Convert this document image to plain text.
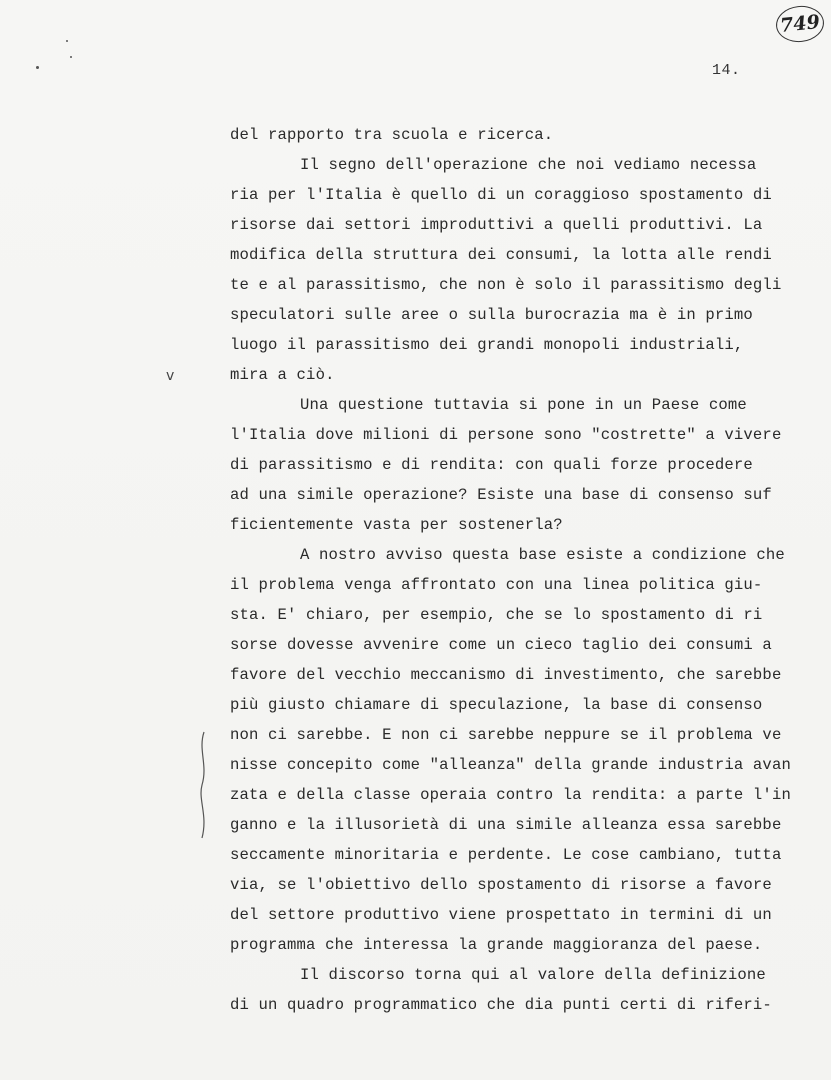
749
14.
v
del rapporto tra scuola e ricerca.
Il segno dell'operazione che noi vediamo necessa
ria per l'Italia è quello di un coraggioso spostamento di
risorse dai settori improduttivi a quelli produttivi. La
modifica della struttura dei consumi, la lotta alle rendi
te e al parassitismo, che non è solo il parassitismo degli
speculatori sulle aree o sulla burocrazia ma è in primo
luogo il parassitismo dei grandi monopoli industriali,
mira a ciò.
Una questione tuttavia si pone in un Paese come
l'Italia dove milioni di persone sono "costrette" a vivere
di parassitismo e di rendita: con quali forze procedere
ad una simile operazione? Esiste una base di consenso suf
ficientemente vasta per sostenerla?
A nostro avviso questa base esiste a condizione che
il problema venga affrontato con una linea politica giu-
sta. E' chiaro, per esempio, che se lo spostamento di ri
sorse dovesse avvenire come un cieco taglio dei consumi a
favore del vecchio meccanismo di investimento, che sarebbe
più giusto chiamare di speculazione, la base di consenso
non ci sarebbe. E non ci sarebbe neppure se il problema ve
nisse concepito come "alleanza" della grande industria avan
zata e della classe operaia contro la rendita: a parte l'in
ganno e la illusorietà di una simile alleanza essa sarebbe
seccamente minoritaria e perdente. Le cose cambiano, tutta
via, se l'obiettivo dello spostamento di risorse a favore
del settore produttivo viene prospettato in termini di un
programma che interessa la grande maggioranza del paese.
Il discorso torna qui al valore della definizione
di un quadro programmatico che dia punti certi di riferi-
